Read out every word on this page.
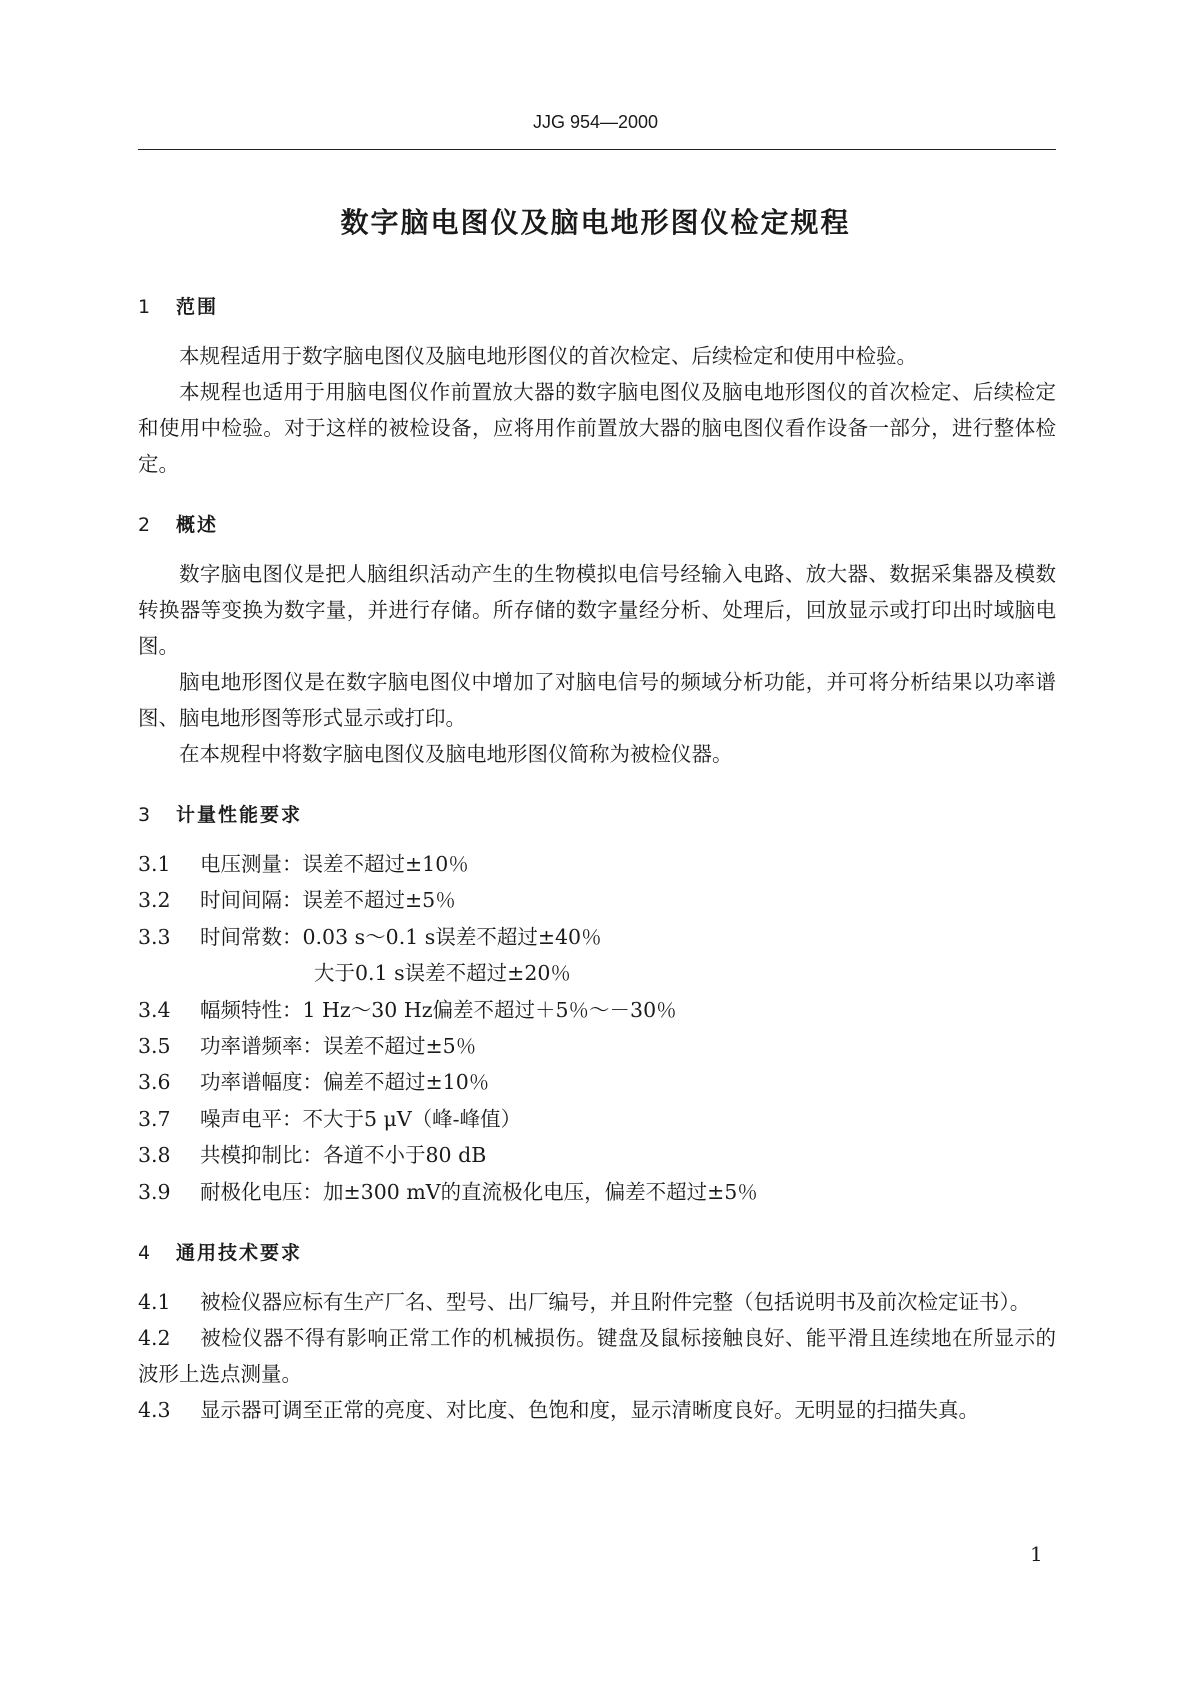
JJG 954—2000
数字脑电图仪及脑电地形图仪检定规程
1 范围

本规程适用于数字脑电图仪及脑电地形图仪的首次检定、后续检定和使用中检验。

本规程也适用于用脑电图仪作前置放大器的数字脑电图仪及脑电地形图仪的首次检定、后续检定和使用中检验。对于这样的被检设备，应将用作前置放大器的脑电图仪看作设备一部分，进行整体检定。

2 概述

数字脑电图仪是把人脑组织活动产生的生物模拟电信号经输入电路、放大器、数据采集器及模数转换器等变换为数字量，并进行存储。所存储的数字量经分析、处理后，回放显示或打印出时域脑电图。

脑电地形图仪是在数字脑电图仪中增加了对脑电信号的频域分析功能，并可将分析结果以功率谱图、脑电地形图等形式显示或打印。

在本规程中将数字脑电图仪及脑电地形图仪简称为被检仪器。

3 计量性能要求
3.1 电压测量：误差不超过±10％
3.2 时间间隔：误差不超过±5％
3.3 时间常数：0.03 s～0.1 s误差不超过±40％
大于0.1 s误差不超过±20％
3.4 幅频特性：1 Hz～30 Hz偏差不超过＋5％～－30％
3.5 功率谱频率：误差不超过±5％
3.6 功率谱幅度：偏差不超过±10％
3.7 噪声电平：不大于5 μV（峰-峰值）
3.8 共模抑制比：各道不小于80 dB
3.9 耐极化电压：加±300 mV的直流极化电压，偏差不超过±5％
4 通用技术要求

4.1 被检仪器应标有生产厂名、型号、出厂编号，并且附件完整（包括说明书及前次检定证书）。

4.2 被检仪器不得有影响正常工作的机械损伤。键盘及鼠标接触良好、能平滑且连续地在所显示的波形上选点测量。

4.3 显示器可调至正常的亮度、对比度、色饱和度，显示清晰度良好。无明显的扫描失真。

1
